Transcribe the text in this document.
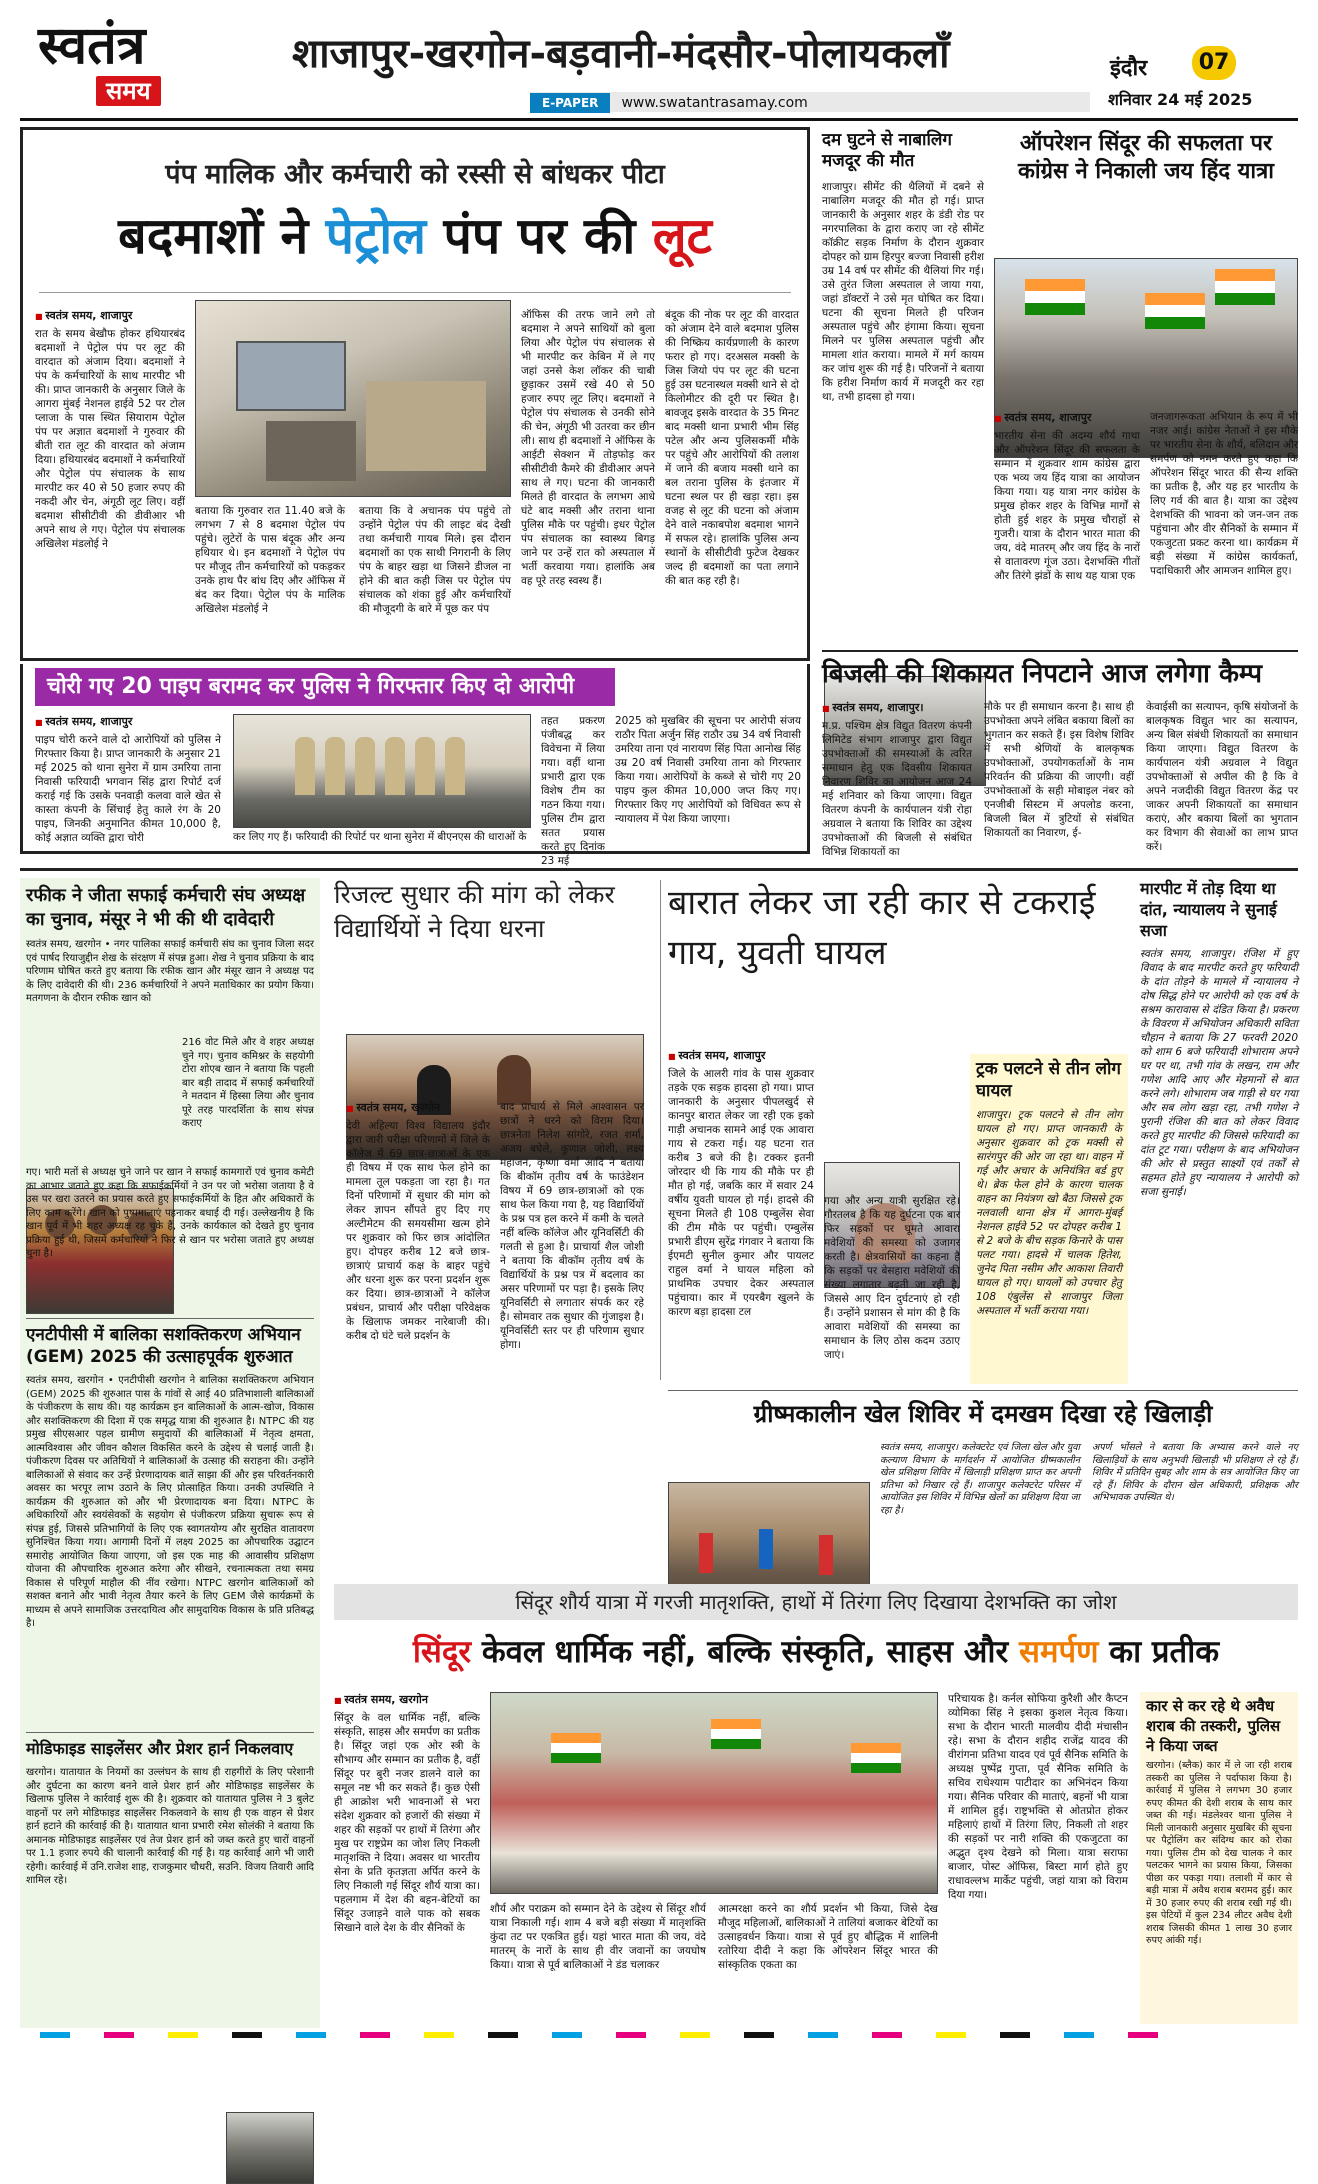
स्वतंत्र
समय
शाजापुर-खरगोन-बड़वानी-मंदसौर-पोलायकलाँ
E-PAPER www.swatantrasamay.com
इंदौर	07
शनिवार 24 मई 2025
पंप मालिक और कर्मचारी को रस्सी से बांधकर पीटा
बदमाशों ने पेट्रोल पंप पर की लूट
■ स्वतंत्र समय, शाजापुर
रात के समय बेखौफ होकर हथियारबंद बदमाशों ने पेट्रोल पंप पर लूट की वारदात को अंजाम दिया। बदमाशों ने पंप के कर्मचारियों के साथ मारपीट भी की। प्राप्त जानकारी के अनुसार जिले के आगरा मुंबई नेशनल हाईवे 52 पर टोल प्लाजा के पास स्थित सियाराम पेट्रोल पंप पर अज्ञात बदमाशों ने गुरुवार की बीती रात लूट की वारदात को अंजाम दिया। हथियारबंद बदमाशों ने कर्मचारियों और पेट्रोल पंप संचालक के साथ मारपीट कर 40 से 50 हजार रुपए की नकदी और चेन, अंगूठी लूट लिए। वहीं बदमाश सीसीटीवी की डीवीआर भी अपने साथ ले गए। पेट्रोल पंप संचालक अखिलेश मंडलोई ने
बताया कि गुरुवार रात 11.40 बजे के लगभग 7 से 8 बदमाश पेट्रोल पंप पहुंचे। लुटेरों के पास बंदूक और अन्य हथियार थे। इन बदमाशों ने पेट्रोल पंप पर मौजूद तीन कर्मचारियों को पकड़कर उनके हाथ पैर बांध दिए और ऑफिस में बंद कर दिया। पेट्रोल पंप के मालिक अखिलेश मंडलोई ने
बताया कि वे अचानक पंप पहुंचे तो उन्होंने पेट्रोल पंप की लाइट बंद देखी तथा कर्मचारी गायब मिले। इस दौरान बदमाशों का एक साथी निगरानी के लिए पंप के बाहर खड़ा था जिसने डीजल ना होने की बात कही जिस पर पेट्रोल पंप संचालक को शंका हुई और कर्मचारियों की मौजूदगी के बारे में पूछ कर पंप
ऑफिस की तरफ जाने लगे तो बदमाश ने अपने साथियों को बुला लिया और पेट्रोल पंप संचालक से भी मारपीट कर केबिन में ले गए जहां उनसे केश लॉकर की चाबी छुड़ाकर उसमें रखे 40 से 50 हजार रुपए लूट लिए। बदमाशों ने पेट्रोल पंप संचालक से उनकी सोने की चेन, अंगूठी भी उतरवा कर छीन ली। साथ ही बदमाशों ने ऑफिस के आईटी सेक्शन में तोड़फोड़ कर सीसीटीवी कैमरे की डीवीआर अपने साथ ले गए। घटना की जानकारी मिलते ही वारदात के लगभग आधे घंटे बाद मक्सी और तराना थाना पुलिस मौके पर पहुंची। इधर पेट्रोल पंप संचालक का स्वास्थ्य बिगड़ जाने पर उन्हें रात को अस्पताल में भर्ती करवाया गया। हालांकि अब वह पूरे तरह स्वस्थ हैं।
बंदूक की नोक पर लूट की वारदात को अंजाम देने वाले बदमाश पुलिस की निष्क्रिय कार्यप्रणाली के कारण फरार हो गए। दरअसल मक्सी के जिस जियो पंप पर लूट की घटना हुई उस घटनास्थल मक्सी थाने से दो किलोमीटर की दूरी पर स्थित है। बावजूद इसके वारदात के 35 मिनट बाद मक्सी थाना प्रभारी भीम सिंह पटेल और अन्य पुलिसकर्मी मौके पर पहुंचे और आरोपियों की तलाश में जाने की बजाय मक्सी थाने का बल तराना पुलिस के इंतजार में घटना स्थल पर ही खड़ा रहा। इस वजह से लूट की घटना को अंजाम देने वाले नकाबपोश बदमाश भागने में सफल रहे। हालांकि पुलिस अन्य स्थानों के सीसीटीवी फुटेज देखकर जल्द ही बदमाशों का पता लगाने की बात कह रही है।
चोरी गए 20 पाइप बरामद कर पुलिस ने गिरफ्तार किए दो आरोपी
■ स्वतंत्र समय, शाजापुर
पाइप चोरी करने वाले दो आरोपियों को पुलिस ने गिरफ्तार किया है। प्राप्त जानकारी के अनुसार 21 मई 2025 को थाना सुनेरा में ग्राम उमरिया ताना निवासी फरियादी भगवान सिंह द्वारा रिपोर्ट दर्ज कराई गई कि उसके पनवाड़ी कलवा वाले खेत से कास्ता कंपनी के सिंचाई हेतु काले रंग के 20 पाइप, जिनकी अनुमानित कीमत 10,000 है, कोई अज्ञात व्यक्ति द्वारा चोरी	कर लिए गए हैं। फरियादी की रिपोर्ट पर थाना सुनेरा में बीएनएस की धाराओं के
तहत प्रकरण पंजीबद्ध कर विवेचना में लिया गया। वहीं थाना प्रभारी द्वारा एक विशेष टीम का गठन किया गया। पुलिस टीम द्वारा सतत प्रयास करते हुए दिनांक 23 मई
2025 को मुखबिर की सूचना पर आरोपी संजय राठौर पिता अर्जुन सिंह राठौर उम्र 34 वर्ष निवासी उमरिया ताना एवं नारायण सिंह पिता आनोख सिंह उम्र 20 वर्ष निवासी उमरिया ताना को गिरफ्तार किया गया। आरोपियों के कब्जे से चोरी गए 20 पाइप कुल कीमत 10,000 जप्त किए गए। गिरफ्तार किए गए आरोपियों को विधिवत रूप से न्यायालय में पेश किया जाएगा।
दम घुटने से नाबालिग मजदूर की मौत
शाजापुर। सीमेंट की थैलियों में दबने से नाबालिग मजदूर की मौत हो गई। प्राप्त जानकारी के अनुसार शहर के डंडी रोड पर नगरपालिका के द्वारा कराए जा रहे सीमेंट कॉक्रीट सड़क निर्माण के दौरान शुक्रवार दोपहर को ग्राम हिरपुर बज्जा निवासी हरीश उम्र 14 वर्ष पर सीमेंट की थैलियां गिर गई। उसे तुरंत जिला अस्पताल ले जाया गया, जहां डॉक्टरों ने उसे मृत घोषित कर दिया। घटना की सूचना मिलते ही परिजन अस्पताल पहुंचे और हंगामा किया। सूचना मिलने पर पुलिस अस्पताल पहुंची और मामला शांत कराया। मामले में मर्ग कायम कर जांच शुरू की गई है। परिजनों ने बताया कि हरीश निर्माण कार्य में मजदूरी कर रहा था, तभी हादसा हो गया।
ऑपरेशन सिंदूर की सफलता पर कांग्रेस ने निकाली जय हिंद यात्रा
■ स्वतंत्र समय, शाजापुर
भारतीय सेना की अदम्य शौर्य गाथा और ऑपरेशन सिंदूर की सफलता के सम्मान में शुक्रवार शाम कांग्रेस द्वारा एक भव्य जय हिंद यात्रा का आयोजन किया गया। यह यात्रा नगर कांग्रेस के प्रमुख होकर शहर के विभिन्न मार्गों से होती हुई शहर के प्रमुख चौराहों से गुजरी। यात्रा के दौरान भारत माता की जय, वंदे मातरम् और जय हिंद के नारों से वातावरण गूंज उठा। देशभक्ति गीतों और तिरंगे झंडों के साथ यह यात्रा एक
जनजागरूकता अभियान के रूप में भी नजर आई। कांग्रेस नेताओं ने इस मौके पर भारतीय सेना के शौर्य, बलिदान और समर्पण को नमन करते हुए कहा कि ऑपरेशन सिंदूर भारत की सैन्य शक्ति का प्रतीक है, और यह हर भारतीय के लिए गर्व की बात है। यात्रा का उद्देश्य देशभक्ति की भावना को जन-जन तक पहुंचाना और वीर सैनिकों के सम्मान में एकजुटता प्रकट करना था। कार्यक्रम में बड़ी संख्या में कांग्रेस कार्यकर्ता, पदाधिकारी और आमजन शामिल हुए।
बिजली की शिकायत निपटाने आज लगेगा कैम्प
■ स्वतंत्र समय, शाजापुर।
म.प्र. पश्चिम क्षेत्र विद्युत वितरण कंपनी लिमिटेड संभाग शाजापुर द्वारा विद्युत उपभोक्ताओं की समस्याओं के त्वरित समाधान हेतु एक दिवसीय शिकायत निवारण शिविर का आयोजन आज 24 मई शनिवार को किया जाएगा। विद्युत वितरण कंपनी के कार्यपालन यंत्री रोहा अग्रवाल ने बताया कि शिविर का उद्देश्य उपभोक्ताओं की बिजली से संबंधित विभिन्न शिकायतों का
मौके पर ही समाधान करना है। साथ ही उपभोक्ता अपने लंबित बकाया बिलों का भुगतान कर सकते हैं। इस विशेष शिविर में सभी श्रेणियों के बालकृषक उपभोक्ताओं, उपयोगकर्ताओं के नाम परिवर्तन की प्रक्रिया की जाएगी। वहीं उपभोक्ताओं के सही मोबाइल नंबर को एनजीबी सिस्टम में अपलोड करना, बिजली बिल में त्रुटियों से संबंधित शिकायतों का निवारण, ई-
केवाईसी का सत्यापन, कृषि संयोजनों के बालकृषक विद्युत भार का सत्यापन, अन्य बिल संबंधी शिकायतों का समाधान किया जाएगा। विद्युत वितरण के कार्यपालन यंत्री अग्रवाल ने विद्युत उपभोक्ताओं से अपील की है कि वे अपने नजदीकी विद्युत वितरण केंद्र पर जाकर अपनी शिकायतों का समाधान कराएं, और बकाया बिलों का भुगतान कर विभाग की सेवाओं का लाभ प्राप्त करें।
रफीक ने जीता सफाई कर्मचारी संघ अध्यक्ष का चुनाव, मंसूर ने भी की थी दावेदारी
स्वतंत्र समय, खरगोन • नगर पालिका सफाई कर्मचारी संघ का चुनाव जिला सदर एवं पार्षद रियाजुद्दीन शेख के संरक्षण में संपन्न हुआ। शेख ने चुनाव प्रक्रिया के बाद परिणाम घोषित करते हुए बताया कि रफीक खान और मंसूर खान ने अध्यक्ष पद के लिए दावेदारी की थी। 236 कर्मचारियों ने अपने मताधिकार का प्रयोग किया। मतगणना के दौरान रफीक खान को
216 वोट मिले और वे शहर अध्यक्ष चुने गए। चुनाव कमिश्नर के सहयोगी टोरा शोएब खान ने बताया कि पहली बार बड़ी तादाद में सफाई कर्मचारियों ने मतदान में हिस्सा लिया और चुनाव पूरे तरह पारदर्शिता के साथ संपन्न कराए
गए। भारी मतों से अध्यक्ष चुने जाने पर खान ने सफाई कामगारों एवं चुनाव कमेटी का आभार जताते हुए कहा कि सफाईकर्मियों ने उन पर जो भरोसा जताया है वे उस पर खरा उतरने का प्रयास करते हुए सफाईकर्मियों के हित और अधिकारों के लिए काम करेंगे। खान को पुष्पमालाएं पहनाकर बधाई दी गई। उल्लेखनीय है कि खान पूर्व में भी शहर अध्यक्ष रह चुके हैं, उनके कार्यकाल को देखते हुए चुनाव प्रक्रिया हुई थी, जिसमें कर्मचारियों ने फिर से खान पर भरोसा जताते हुए अध्यक्ष चुना है।
एनटीपीसी में बालिका सशक्तिकरण अभियान
(GEM) 2025 की उत्साहपूर्वक शुरुआत
स्वतंत्र समय, खरगोन • एनटीपीसी खरगोन ने बालिका सशक्तिकरण अभियान (GEM) 2025 की शुरुआत पास के गांवों से आई 40 प्रतिभाशाली बालिकाओं के पंजीकरण के साथ की। यह कार्यक्रम इन बालिकाओं के आत्म-खोज, विकास और सशक्तिकरण की दिशा में एक समृद्ध यात्रा की शुरुआत है। NTPC की यह प्रमुख सीएसआर पहल ग्रामीण समुदायों की बालिकाओं में नेतृत्व क्षमता, आत्मविश्वास और जीवन कौशल विकसित करने के उद्देश्य से चलाई जाती है। पंजीकरण दिवस पर अतिथियों ने बालिकाओं के उत्साह की सराहना की। उन्होंने बालिकाओं से संवाद कर उन्हें प्रेरणादायक बातें साझा कीं और इस परिवर्तनकारी अवसर का भरपूर लाभ उठाने के लिए प्रोत्साहित किया। उनकी उपस्थिति ने कार्यक्रम की शुरुआत को और भी प्रेरणादायक बना दिया। NTPC के अधिकारियों और स्वयंसेवकों के सहयोग से पंजीकरण प्रक्रिया सुचारू रूप से संपन्न हुई, जिससे प्रतिभागियों के लिए एक स्वागतयोग्य और सुरक्षित वातावरण सुनिश्चित किया गया। आगामी दिनों में लक्ष्य 2025 का औपचारिक उद्घाटन समारोह आयोजित किया जाएगा, जो इस एक माह की आवासीय प्रशिक्षण योजना की औपचारिक शुरुआत करेगा और सीखने, रचनात्मकता तथा समग्र विकास से परिपूर्ण माहौल की नींव रखेगा। NTPC खरगोन बालिकाओं को सशक्त बनाने और भावी नेतृत्व तैयार करने के लिए GEM जैसे कार्यक्रमों के माध्यम से अपने सामाजिक उत्तरदायित्व और सामुदायिक विकास के प्रति प्रतिबद्ध है।
मोडिफाइड साइलेंसर और प्रेशर हार्न निकलवाए
खरगोन। यातायात के नियमों का उल्लंघन के साथ ही राहगीरों के लिए परेशानी और दुर्घटना का कारण बनने वाले प्रेशर हार्न और मोडिफाइड साइलेंसर के खिलाफ पुलिस ने कार्रवाई शुरू की है। शुक्रवार को यातायात पुलिस ने 3 बुलेट वाहनों पर लगे मोडिफाइड साइलेंसर निकलवाने के साथ ही एक वाहन से प्रेशर हार्न हटाने की कार्रवाई की है। यातायात थाना प्रभारी रमेश सोलंकी ने बताया कि अमानक मोडिफाइड साइलेंसर एवं तेज प्रेशर हार्न को जब्त करते हुए चारों वाहनों पर 1.1 हजार रुपये की चालानी कार्रवाई की गई है। यह कार्रवाई आगे भी जारी रहेगी। कार्रवाई में उनि.राजेश शाह, राजकुमार चौधरी, सउनि. विजय तिवारी आदि शामिल रहे।
रिजल्ट सुधार की मांग को लेकर विद्यार्थियों ने दिया धरना
■ स्वतंत्र समय, खरगोन
देवी अहिल्या विश्व विद्यालय इंदौर द्वारा जारी परीक्षा परिणामों में जिले के कॉलेज में 69 छात्र-छात्राओं के एक ही विषय में एक साथ फेल होने का मामला तूल पकड़ता जा रहा है। गत दिनों परिणामों में सुधार की मांग को लेकर ज्ञापन सौंपते हुए दिए गए अल्टीमेटम की समयसीमा खत्म होने पर शुक्रवार को फिर छात्र आंदोलित हुए। दोपहर करीब 12 बजे छात्र-छात्राएं प्राचार्य कक्ष के बाहर पहुंचे और धरना शुरू कर परना प्रदर्शन शुरू कर दिया। छात्र-छात्राओं ने कॉलेज प्रबंधन, प्राचार्य और परीक्षा परिवेक्षक के खिलाफ जमकर नारेबाजी की। करीब दो घंटे चले प्रदर्शन के
बाद प्राचार्य से मिले आश्वासन पर छात्रों ने धरने को विराम दिया। छात्रनेता निलेश सांगोरे, रजत शर्मा, अजय बघेले, कुणाल जोशी, लक्ष्य महाजन, कृष्णा वर्मा आदि ने बताया कि बीकॉम तृतीय वर्ष के फाउंडेशन विषय में 69 छात्र-छात्राओं को एक साथ फेल किया गया है, यह विद्यार्थियों के प्रश्न पत्र हल करने में कमी के चलते नहीं बल्कि कॉलेज और यूनिवर्सिटी की गलती से हुआ है। प्राचार्या शैल जोशी ने बताया कि बीकॉम तृतीय वर्ष के विद्यार्थियों के प्रश्न पत्र में बदलाव का असर परिणामों पर पड़ा है। इसके लिए यूनिवर्सिटी से लगातार संपर्क कर रहे है। सोमवार तक सुधार की गुंजाइश है। यूनिवर्सिटी स्तर पर ही परिणाम सुधार होगा।
बारात लेकर जा रही कार से टकराई गाय, युवती घायल
■ स्वतंत्र समय, शाजापुर
जिले के आलरी गांव के पास शुक्रवार तड़के एक सड़क हादसा हो गया। प्राप्त जानकारी के अनुसार पीपलखुर्द से कानपुर बारात लेकर जा रही एक इको गाड़ी अचानक सामने आई एक आवारा गाय से टकरा गई। यह घटना रात करीब 3 बजे की है। टक्कर इतनी जोरदार थी कि गाय की मौके पर ही मौत हो गई, जबकि कार में सवार 24 वर्षीय युवती घायल हो गई। हादसे की सूचना मिलते ही 108 एम्बुलेंस सेवा की टीम मौके पर पहुंची। एम्बुलेंस प्रभारी डीएम सुरेंद्र गंगवार ने बताया कि ईएमटी सुनील कुमार और पायलट राहुल वर्मा ने घायल महिला को प्राथमिक उपचार देकर अस्पताल पहुंचाया। कार में एयरबैग खुलने के कारण बड़ा हादसा टल
गया और अन्य यात्री सुरक्षित रहे। गौरतलब है कि यह दुर्घटना एक बार फिर सड़कों पर घूमते आवारा मवेशियों की समस्या को उजागर करती है। क्षेत्रवासियों का कहना है कि सड़कों पर बेसहारा मवेशियों की संख्या लगातार बढ़ती जा रही है, जिससे आए दिन दुर्घटनाएं हो रही हैं। उन्होंने प्रशासन से मांग की है कि आवारा मवेशियों की समस्या का समाधान के लिए ठोस कदम उठाए जाएं।
ट्रक पलटने से तीन लोग घायल
शाजापुर। ट्रक पलटने से तीन लोग घायल हो गए। प्राप्त जानकारी के अनुसार शुक्रवार को ट्रक मक्सी से सारंगपुर की ओर जा रहा था। वाहन में गई और अचार के अनियंत्रित बर्ड हुए थे। ब्रेक फेल होने के कारण चालक वाहन का नियंत्रण खो बैठा जिससे ट्रक नलवाली थाना क्षेत्र में आगरा-मुंबई नेशनल हाईवे 52 पर दोपहर करीब 1 से 2 बजे के बीच सड़क किनारे के पास पलट गया। हादसे में चालक हितेश, जुनेद पिता नसीम और आकाश तिवारी घायल हो गए। घायलों को उपचार हेतु 108 एंबुलेंस से शाजापुर जिला अस्पताल में भर्ती कराया गया।
मारपीट में तोड़ दिया था दांत, न्यायालय ने सुनाई सजा
स्वतंत्र समय, शाजापुर। रंजिश में हुए विवाद के बाद मारपीट करते हुए फरियादी के दांत तोड़ने के मामले में न्यायालय ने दोष सिद्ध होने पर आरोपी को एक वर्ष के सश्रम कारावास से दंडित किया है। प्रकरण के विवरण में अभियोजन अधिकारी सविता चौहान ने बताया कि 27 फरवरी 2020 को शाम 6 बजे फरियादी शोभाराम अपने घर पर था, तभी गांव के लखन, राम और गणेश आदि आए और मेहमानों से बात करने लगे। शोभाराम जब गाड़ी से घर गया और सब लोग खड़ा रहा, तभी गणेश ने पुरानी रंजिश की बात को लेकर विवाद करते हुए मारपीट की जिससे फरियादी का दांत टूट गया। परीक्षण के बाद अभियोजन की ओर से प्रस्तुत साक्ष्यों एवं तर्कों से सहमत होते हुए न्यायालय ने आरोपी को सजा सुनाई।
ग्रीष्मकालीन खेल शिविर में दमखम दिखा रहे खिलाड़ी
स्वतंत्र समय, शाजापुर। कलेक्टरेट एवं जिला खेल और युवा कल्याण विभाग के मार्गदर्शन में आयोजित ग्रीष्मकालीन खेल प्रशिक्षण शिविर में खिलाड़ी प्रशिक्षण प्राप्त कर अपनी प्रतिभा को निखार रहे हैं। शाजापुर कलेक्टरेट परिसर में आयोजित इस शिविर में विभिन्न खेलों का प्रशिक्षण दिया जा रहा है।
अपर्ण भोंसले ने बताया कि अभ्यास करने वाले नए खिलाड़ियों के साथ अनुभवी खिलाड़ी भी प्रशिक्षण ले रहे हैं। शिविर में प्रतिदिन सुबह और शाम के सत्र आयोजित किए जा रहे हैं। शिविर के दौरान खेल अधिकारी, प्रशिक्षक और अभिभावक उपस्थित थे।
सिंदूर शौर्य यात्रा में गरजी मातृशक्ति, हाथों में तिरंगा लिए दिखाया देशभक्ति का जोश
सिंदूर केवल धार्मिक नहीं, बल्कि संस्कृति, साहस और समर्पण का प्रतीक
■ स्वतंत्र समय, खरगोन
सिंदूर के वल धार्मिक नहीं, बल्कि संस्कृति, साहस और समर्पण का प्रतीक है। सिंदूर जहां एक ओर स्त्री के सौभाग्य और सम्मान का प्रतीक है, वहीं सिंदूर पर बुरी नजर डालने वाले का समूल नष्ट भी कर सकते हैं। कुछ ऐसी ही आक्रोश भरी भावनाओं से भरा संदेश शुक्रवार को हजारों की संख्या में शहर की सड़कों पर हाथों में तिरंगा और मुख पर राष्ट्रप्रेम का जोश लिए निकली मातृशक्ति ने दिया। अवसर था भारतीय सेना के प्रति कृतज्ञता अर्पित करने के लिए निकाली गई सिंदूर शौर्य यात्रा का। पहलगाम में देश की बहन-बेटियों का सिंदूर उजाड़ने वाले पाक को सबक सिखाने वाले देश के वीर सैनिकों के
शौर्य और पराक्रम को सम्मान देने के उद्देश्य से सिंदूर शौर्य यात्रा निकाली गई। शाम 4 बजे बड़ी संख्या में मातृशक्ति कुंदा तट पर एकत्रित हुई। यहां भारत माता की जय, वंदे मातरम् के नारों के साथ ही वीर जवानों का जयघोष किया। यात्रा से पूर्व बालिकाओं ने डंड चलाकर
आत्मरक्षा करने का शौर्य प्रदर्शन भी किया, जिसे देख मौजूद महिलाओं, बालिकाओं ने तालियां बजाकर बेटियों का उत्साहवर्धन किया। यात्रा से पूर्व हुए बौद्धिक में शालिनी रतोरिया दीदी ने कहा कि ऑपरेशन सिंदूर भारत की सांस्कृतिक एकता का
परिचायक है। कर्नल सोफिया कुरैशी और कैप्टन व्योमिका सिंह ने इसका कुशल नेतृत्व किया। सभा के दौरान भारती मालवीय दीदी मंचासीन रहे। सभा के दौरान शहीद राजेंद्र यादव की वीरांगना प्रतिभा यादव एवं पूर्व सैनिक समिति के अध्यक्ष पुष्पेंद्र गुप्ता, पूर्व सैनिक समिति के सचिव राधेश्याम पाटीदार का अभिनंदन किया गया। सैनिक परिवार की माताएं, बहनों भी यात्रा में शामिल हुई। राष्ट्रभक्ति से ओतप्रोत होकर महिलाएं हाथों में तिरंगा लिए, निकली तो शहर की सड़कों पर नारी शक्ति की एकजुटता का अद्भुत दृश्य देखने को मिला। यात्रा सराफा बाजार, पोस्ट ऑफिस, बिस्टा मार्ग होते हुए राधावल्लभ मार्केट पहुंची, जहां यात्रा को विराम दिया गया।
कार से कर रहे थे अवैध शराब की तस्करी, पुलिस ने किया जब्त
खरगोन। (ब्लैक) कार में ले जा रही शराब तस्करी का पुलिस ने पर्दाफाश किया है। कार्रवाई में पुलिस ने लगभग 30 हजार रुपए कीमत की देशी शराब के साथ कार जब्त की गई। मंडलेश्वर थाना पुलिस ने मिली जानकारी अनुसार मुखबिर की सूचना पर पैट्रोलिंग कर संदिग्ध कार को रोका गया। पुलिस टीम को देख चालक ने कार पलटकर भागने का प्रयास किया, जिसका पीछा कर पकड़ा गया। तलाशी में कार से बड़ी मात्रा में अवैध शराब बरामद हुई। कार में 30 हजार रुपए की शराब रखी गई थी। इस पेटियों में कुल 234 लीटर अवैध देशी शराब जिसकी कीमत 1 लाख 30 हजार रुपए आंकी गई।
